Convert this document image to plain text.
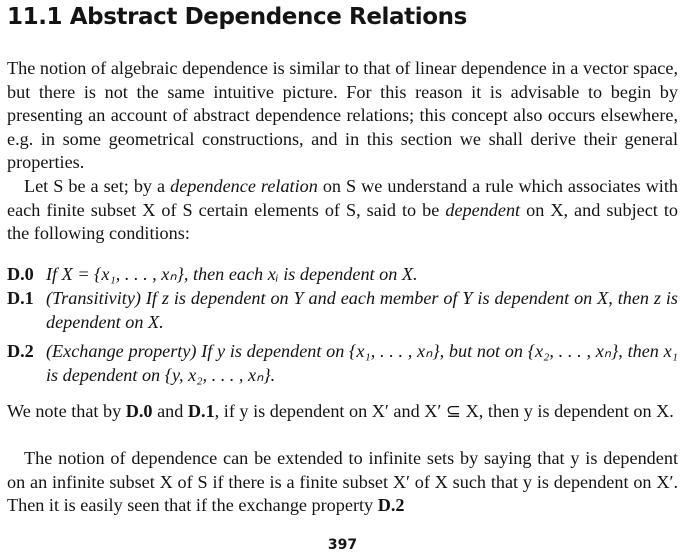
11.1 Abstract Dependence Relations

The notion of algebraic dependence is similar to that of linear dependence in a vector space, but there is not the same intuitive picture. For this reason it is advisable to begin by presenting an account of abstract dependence relations; this concept also occurs elsewhere, e.g. in some geometrical constructions, and in this section we shall derive their general properties.

Let S be a set; by a dependence relation on S we understand a rule which associates with each finite subset X of S certain elements of S, said to be dependent on X, and subject to the following conditions:

D.0 If X = {x₁, . . . , xₙ}, then each xᵢ is dependent on X.

D.1 (Transitivity) If z is dependent on Y and each member of Y is dependent on X, then z is dependent on X.

D.2 (Exchange property) If y is dependent on {x₁, . . . , xₙ}, but not on {x₂, . . . , xₙ}, then x₁ is dependent on {y, x₂, . . . , xₙ}.

We note that by D.0 and D.1, if y is dependent on X′ and X′ ⊆ X, then y is dependent on X.

The notion of dependence can be extended to infinite sets by saying that y is dependent on an infinite subset X of S if there is a finite subset X′ of X such that y is dependent on X′. Then it is easily seen that if the exchange property D.2

397
